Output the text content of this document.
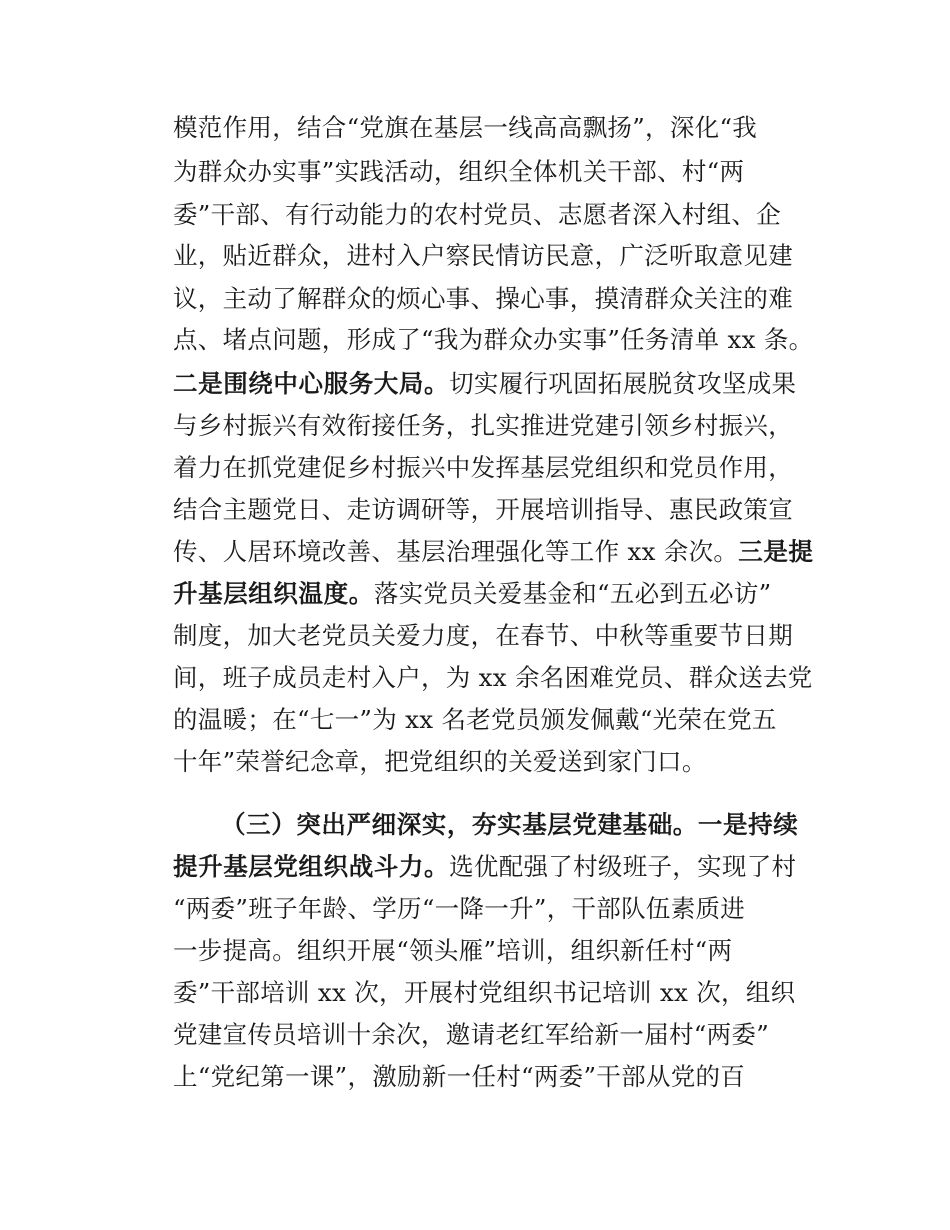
模范作用，结合“党旗在基层一线高高飘扬”，深化“我
为群众办实事”实践活动，组织全体机关干部、村“两
委”干部、有行动能力的农村党员、志愿者深入村组、企
业，贴近群众，进村入户察民情访民意，广泛听取意见建
议，主动了解群众的烦心事、操心事，摸清群众关注的难
点、堵点问题，形成了“我为群众办实事”任务清单 xx 条。
二是围绕中心服务大局。切实履行巩固拓展脱贫攻坚成果
与乡村振兴有效衔接任务，扎实推进党建引领乡村振兴，
着力在抓党建促乡村振兴中发挥基层党组织和党员作用，
结合主题党日、走访调研等，开展培训指导、惠民政策宣
传、人居环境改善、基层治理强化等工作 xx 余次。三是提
升基层组织温度。落实党员关爱基金和“五必到五必访”
制度，加大老党员关爱力度，在春节、中秋等重要节日期
间，班子成员走村入户，为 xx 余名困难党员、群众送去党
的温暖；在“七一”为 xx 名老党员颁发佩戴“光荣在党五
十年”荣誉纪念章，把党组织的关爱送到家门口。
（三）突出严细深实，夯实基层党建基础。一是持续
提升基层党组织战斗力。选优配强了村级班子，实现了村
“两委”班子年龄、学历“一降一升”，干部队伍素质进
一步提高。组织开展“领头雁”培训，组织新任村“两
委”干部培训 xx 次，开展村党组织书记培训 xx 次，组织
党建宣传员培训十余次，邀请老红军给新一届村“两委”
上“党纪第一课”，激励新一任村“两委”干部从党的百
